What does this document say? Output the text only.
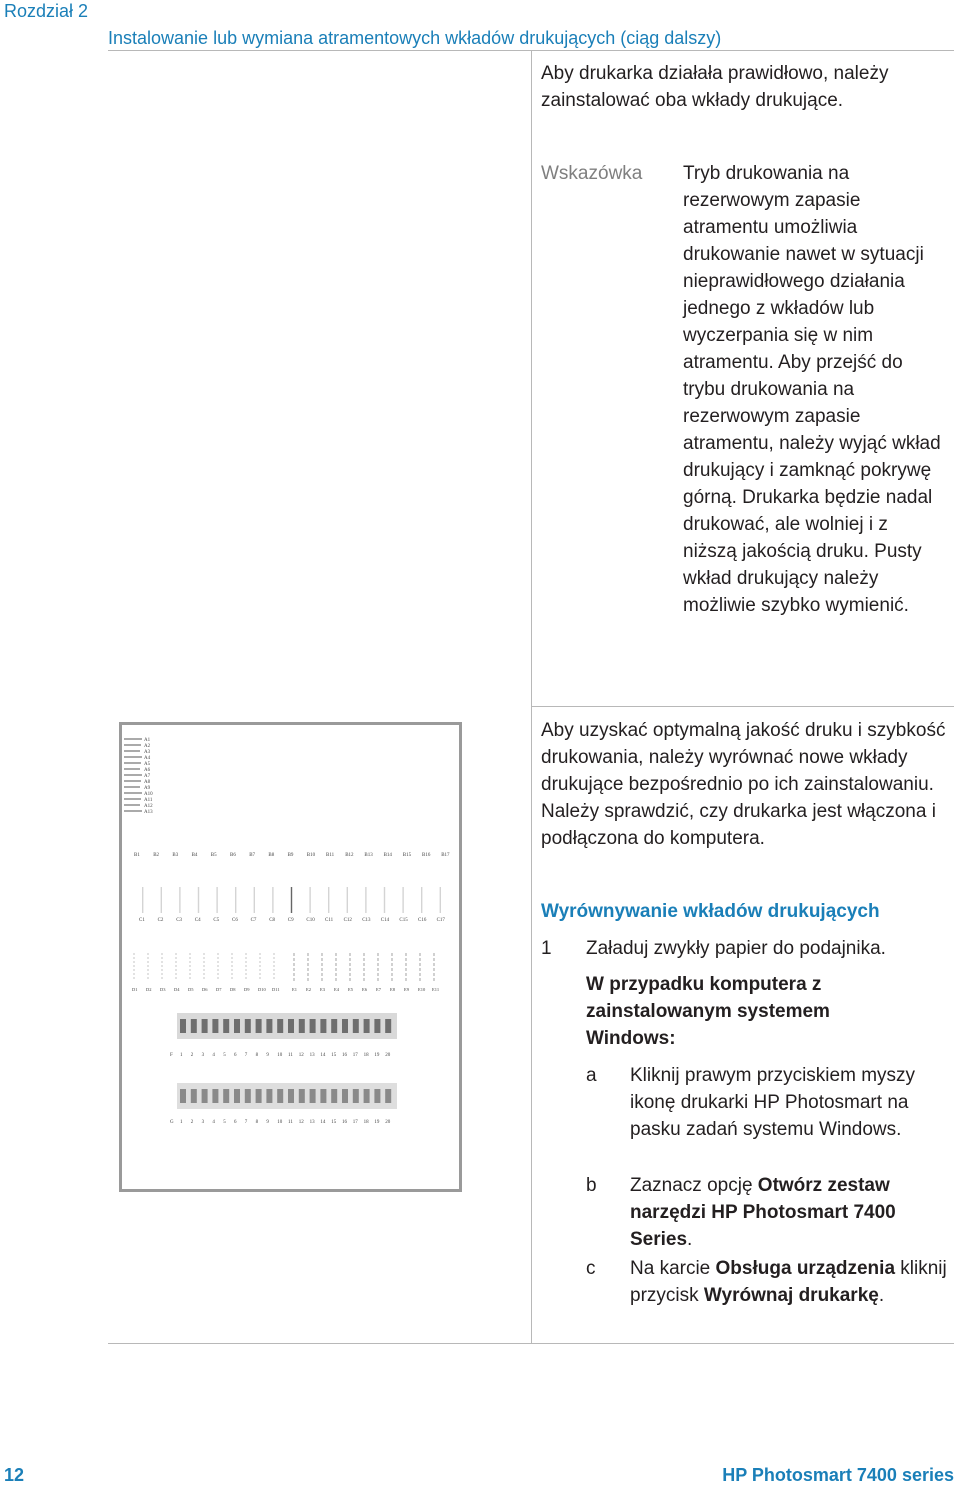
Rozdział 2
Instalowanie lub wymiana atramentowych wkładów drukujących (ciąg dalszy)

Aby drukarka działała prawidłowo, należy zainstalować oba wkłady drukujące.

Wskazówka Tryb drukowania na rezerwowym zapasie atramentu umożliwia drukowanie nawet w sytuacji nieprawidłowego działania jednego z wkładów lub wyczerpania się w nim atramentu. Aby przejść do trybu drukowania na rezerwowym zapasie atramentu, należy wyjąć wkład drukujący i zamknąć pokrywę górną. Drukarka będzie nadal drukować, ale wolniej i z niższą jakością druku. Pusty wkład drukujący należy możliwie szybko wymienić.

Aby uzyskać optymalną jakość druku i szybkość drukowania, należy wyrównać nowe wkłady drukujące bezpośrednio po ich zainstalowaniu. Należy sprawdzić, czy drukarka jest włączona i podłączona do komputera.

Wyrównywanie wkładów drukujących
1 Załaduj zwykły papier do podajnika.

W przypadku komputera z zainstalowanym systemem Windows:

a Kliknij prawym przyciskiem myszy ikonę drukarki HP Photosmart na pasku zadań systemu Windows.

b Zaznacz opcję Otwórz zestaw narzędzi HP Photosmart 7400 Series.

c Na karcie Obsługa urządzenia kliknij przycisk Wyrównaj drukarkę.

A1
A2
A3
A4
A5
A6
A7
A8
A9
A10
A11
A12
A13
B1	B2	B3	B4	B5	B6	B7	B8	B9	B10 B11 B12 B13 B14 B15 B16 B17
C1	C2	C3	C4	C5	C6	C7	C8	C9	C10 C11 C12 C13 C14 C15 C16 C17
D1 D2 D3 D4 D5 D6 D7 D8 D9 D10 D11	E1 E2 E3 E4 E5 E6 E7 E8 E9 E10 E11
F 1 2 3 4 5 6 7 8 9 10 11 12 13 14 15 16 17 18 19 20
G 1 2 3 4 5 6 7 8 9 10 11 12 13 14 15 16 17 18 19 20
12	HP Photosmart 7400 series
